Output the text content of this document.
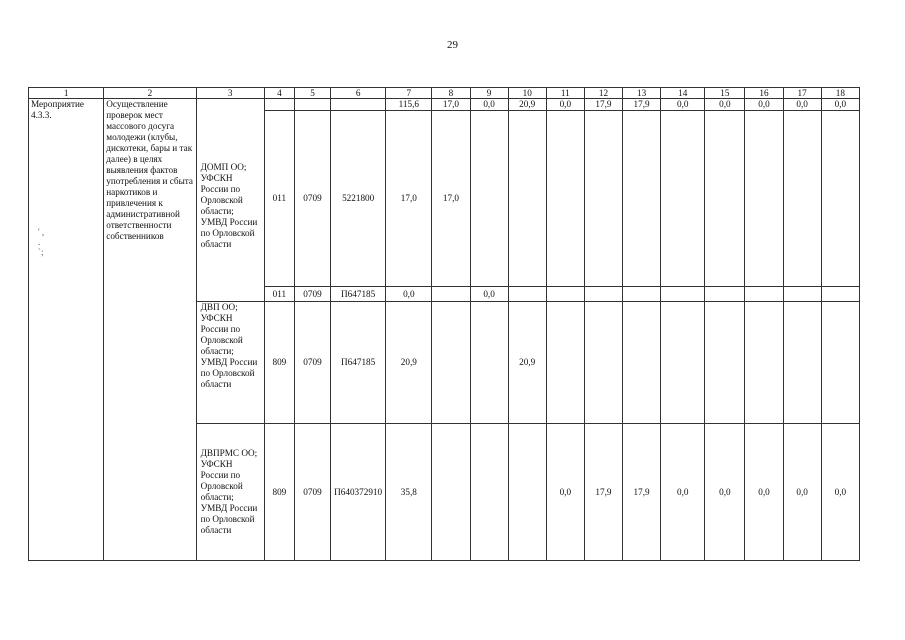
29
1	2	3	4	5	6	7	8	9	10	11	12	13	14	15	16	17	18
Мероприятие 4.3.3.	Осуществление проверок мест массового досуга молодежи (клубы, дискотеки, бары и так далее) в целях выявления фактов употребления и сбыта наркотиков и привлечения к административной ответственности собственников					115,6	17,0	0,0	20,9	0,0	17,9	17,9	0,0	0,0	0,0	0,0	0,0
		ДОМП ОО; УФСКН России по Орловской области; УМВД России по Орловской области	011	0709	5221800	17,0	17,0										
			011	0709	П647185	0,0		0,0									
		ДВП ОО; УФСКН России по Орловской области; УМВД России по Орловской области	809	0709	П647185	20,9			20,9								
		ДВПРМС ОО; УФСКН России по Орловской области; УМВД России по Орловской области	809	0709	П640372910	35,8				0,0	17,9	17,9	0,0	0,0	0,0	0,0	0,0
' ,
.
`;
